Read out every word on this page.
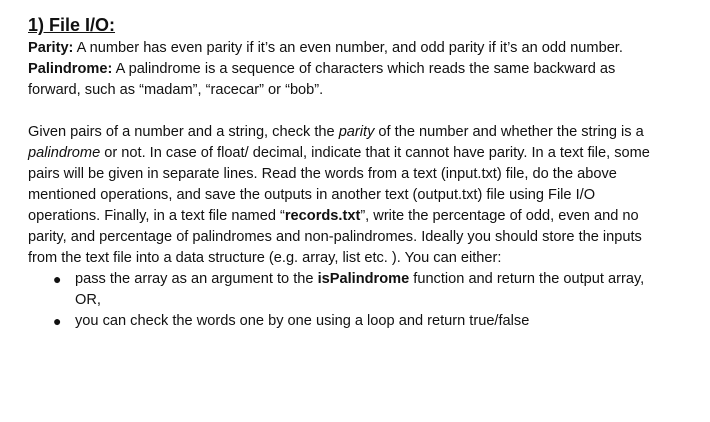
1) File I/O:

Parity: A number has even parity if it’s an even number, and odd parity if it’s an odd number.

Palindrome: A palindrome is a sequence of characters which reads the same backward as forward, such as “madam”, “racecar” or “bob”.

Given pairs of a number and a string, check the parity of the number and whether the string is a palindrome or not. In case of float/ decimal, indicate that it cannot have parity. In a text file, some pairs will be given in separate lines. Read the words from a text (input.txt) file, do the above mentioned operations, and save the outputs in another text (output.txt) file using File I/O operations. Finally, in a text file named “records.txt”, write the percentage of odd, even and no parity, and percentage of palindromes and non-palindromes. Ideally you should store the inputs from the text file into a data structure (e.g. array, list etc. ). You can either:

● pass the array as an argument to the isPalindrome function and return the output array, OR,
● you can check the words one by one using a loop and return true/false
